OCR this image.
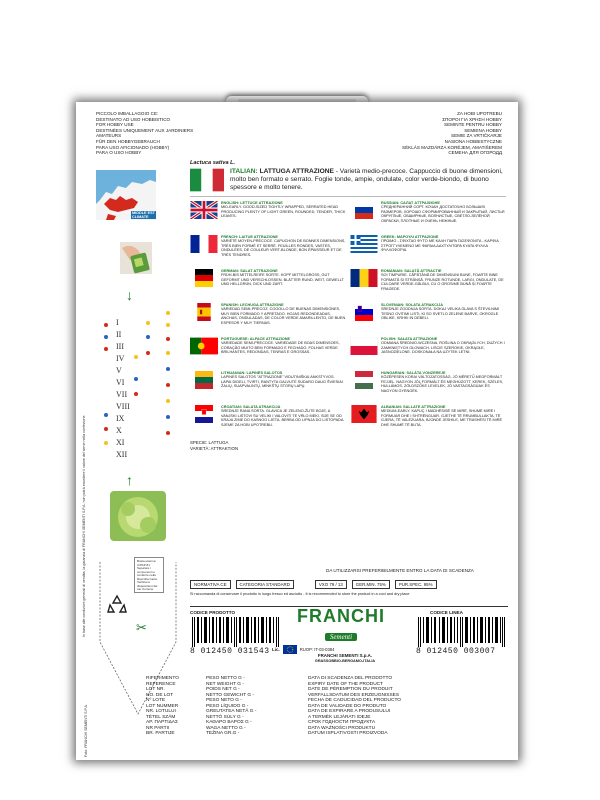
PICCOLO IMBALLAGGIO CE:
DESTINATO AD USO HOBBISTICO
FOR HOBBY USE
DESTINÉES UNIQUEMENT AUX JARDINIERS
AMATEURS
FÜR DEN HOBBYGEBRAUCH
PARA USO AFICIONADO (HOBBY)
PARA O USO HOBBY
ZA HOBI UPOTREBU
ΣΠΟΡΟΙ ΓΙΑ ΧΡΗΣΗ HOBBY
SEMINTE PENTRU HOBBY
SEMIENA HOBBY
SEMIE ZA VRTIČKARJE
NASIONA HOBBISTYCZNE
SÉKLÁS MAZDÁRZA KORĒJEM, AMATIŠEREM
СЕМЕНА ДЛЯ ОГОРОДД
MIDDLE EST CLIMATE
In base alle condizioni generali di vendita, la garanzia di FRANCHI SEMENTI S.P.A. non potrà eccedere il valore del seme nella confezione
Foto: FRANCHI SEMENTI S.P.A.
↓
I
II
III
IV
V
VI
VII
VIII
IX
X
XI
XII
↑
Busta esterna C/PAP 81 Separare i componenti e conferire nella Raccolta Carta. Verifica le disposizioni del tuo Comune
✂
Lactuca sativa L.
ITALIAN: LATTUGA ATTRAZIONE - Varietà medio-precoce. Cappuccio di buone dimensioni, molto ben formato e serrato. Foglie tonde, ampie, ondulate, color verde-biondo, di buono spessore e molto tenere.
ENGLISH: LETTUCE ATTRAZIONE
MID-EARLY. GOOD-SIZED TIGHTLY WRAPPED, SERRATED HEAD PRODUCING PLENTY OF LIGHT GREEN, ROUNDED, TENDER, THICK LEAVES.
RUSSIAN: САЛАТ АТТРАЗИОНЕ
СРЕДНЕРАННИЙ СОРТ. КОЧАН ДОСТАТОЧНО БОЛЬШИХ РАЗМЕРОВ, ХОРОШО СФОРМИРОВАННЫЙ И ЗАКРЫТЫЙ. ЛИСТЬЯ ОКРУГЛЫЕ, ОБШИРНЫЕ, ВОЛНИСТЫЕ, СВЕТЛО-ЗЕЛЁНОЙ ОКРАСКИ, ПЛОТНЫЕ И ОЧЕНЬ НЕЖНЫЕ.
FRENCH: LAITUE ATTRAZIONE
VARIÉTÉ MOYEN-PRÉCOCE. CAPUCHON DE BONNES DIMENSIONS, TRÈS BIEN FORMÉ ET SERRÉ. FEUILLES RONDES, VASTES, ONDULÉES, DE COULEUR VERT-BLONDE, BON ÉPAISSEUR ET DE TRÈS TENDRES.
GREEK: ΜΑΡΟΥΛΙ ΑΤΤΡΑΖΙΟΝΕ
ΠΡΩΙΜΟ - ΣΦΙΧΤΑΟ ΦΥΤΟ ΜΕ ΚΑΛΗ ΠΑΡΑ ΓΑΣΕΦΟΝΙΤΑ - ΚΑΡΦΙΑ ΣΤΡΟΓΓΥΛΕΜΕΝΟ ΜΕ ΦΑΡΔΙΑ ΔΑΧΤΥΛΙΤΩΡΑ ΚΥΑΤΑ ΦΥΛΛΑ ΦΥΛΛΟΦΟΡΙΑ.
GERMAN: SALAT ATTRAZIONE
FRÜH-BIS MITTELREIFE SORTE. KOPF MITTELGROSS, GUT GEFORMT UND VERSCHLOSSEN. BLÄTTER RUND, WEIT, GEWELLT UND HELLGRÜN, DICK UND ZART.
ROMANIAN: SALATĂ ATTRACTIE
SOI TIMPURIE. CĂPĂȚÂNĂ DE DIMENSIUNI BUNE, FOARTE BINE FORMATĂ ȘI STRÂNSĂ. FRUNZE ROTUNDE, LARGI, ONDULATE, DE CULOARE VERDE-GĂLBUI, CU O GROSIME BUNĂ ȘI FOARTE FRAGEDE.
SPANISH: LECHUGA ATTRAZIONE
VARIEDAD SEMI-PRECOZ. COGOLLO DE BUENAS DIMENSIONES, MUY BIEN FORMADO Y APRETADO. HOJAS REDONDEADAS, ANCHAS, ONDULADAS, DE COLOR VERDE AMARILLENTO, DE BUEN ESPESOR Y MUY TIERNAS.
SLOVENIAN: SOLATA ATRAKCIJA
SREDNJE ZGODNJA SORTA. DOKAJ VELIKA GLAVA S ŠTEVILNIMI TESNO OVITIMI LISTI, KI SO SVETLO ZELENE BARVE, OKROGLE OBLIKE, KRHKI IN DEBELI.
PORTUGUESE: ALFACE ATTRAZIONE
VARIEDADE SEMI-PRECOCE. VARIEDADE DE BOAS DIMENSOES, CORAÇÃO MUITO BEM FORMADO E FECHADO. FOLHAS VERDE BRILHANTES, REDONDAS, TENRAS E GROSSAS.
POLISH: SAŁATA ATTRAZIONE
ODMIANA ŚREDNIO-WCZESNA. ROŚLINA O OKRĄGŁYCH, DUŻYCH I ZAMKNIĘTYCH GŁOWACH. LIŚCIE SZEROKIE, OKRĄGŁE, JASNOZIELONE. DOSKONAŁA NA UŻYTEK LETNI.
LITHUANIAN: LAPINĖS SALOTOS
LAPINĖS SALOTOS "ATTRAZIONE" VIDUTINIŠKAI ANKSTYVOS. LAPAI DIDELI, TVIRTI, RANTYTA GALVUTĖ SUDARO DAUG ŠVIESIAI ŽALIŲ, SUAPVALINTŲ, MINKŠTŲ STORŲ LAPŲ.
HUNGARIAN: SALÁTA VONZEREJE
KÖZÉPESEN KORAI VÁLTOZATOSSÁG. JÓ MÉRETŰ MEGFORMÁLT FEJJEL. NAGYON JÓL FORMÁLT ÉS MEGHÚZOTT. KEREK, SZÉLES, HULLÁMOS, ZÖLDSZŐKE LEVELEK, JÓ VASTAGSÁGÚAK ÉS NAGYON GYENGÉK.
CROATIAN: SALATA ATRAKCIJA
SREDNJE RANA SORTA. GLAVICA JE ZELENO-ŽUTE BOJE, A VANJSKI LISTOVI SU VELIKI I VALOVITI TE VRLO MEKI. SIJE SE OD KRAJA ZIME DO KASNOG LJETA. BERBA OD LIPNJA DO LISTOPADA. SJEME ZA HOBI UPOTREBU.
ALBANIAN: SALLATE ATTRAZIONE
MEDIUM-EARLY. KAPUÇ I MADHËSISË SË MIRË, SHUMË MIRË I FORMUAR DHE I SHTRËNGUAR. GJETHE TË RRUMBULLAKTA, TË GJERA, TË VALËZUARA, BJONDE JESHILE, ME TRASHËSI TË MIRË DHE SHUMË TË BUTA.
SPECIE: LATTUGA
VARIETÀ: ATTRAKTION
DA UTILIZZARSI PREFERIBILMENTE ENTRO LA DATA DI SCADENZA
NORMATIVA CE	CATEGORIA STANDARD	VXO 79 / 13	GER.MIN. 75%	PUR.SPEC. 95%
Si raccomanda di conservare il prodotto in luogo fresco ed asciutto - It is recommended to store the product in a cool and dry place
CODICE PRODOTTO	CODICE LINEA
8 012450 031543
FRANCHI
Sementi
Lic.	RUOP: IT-03-0384
FRANCHI SEMENTI S.p.A.
GRASSOBBIO-BERGAMO-ITALIA
8 012450 003007
RIFERIMENTO
REFERENCE
LOT NR.
NO. DE LOT
Nº LOTE
LOT NUMMER
NR. LOTULUI
TÉTEL SZÁM
ΑΡ. ΠΑΡΤΙΔΑΣ
NR PARTII
BR. PARTIJE
PESO NETTO G -
NET WEIGHT G -
POIDS NET G -
NETTO GEWICHT G -
PESO NETO G -
PESO LÍQUIDO G -
GREUTATEA NETĂ G -
NETTÓ SÚLY G -
ΚΑΘΑΡΟ ΒΑΡΟΣ G -
WAGA NETTO G -
TEŽINA GR.G -
DATA DI SCADENZA DEL PRODOTTO
EXPIRY DATE OF THE PRODUCT
DATE DE PÉREMPTION DU PRODUIT
VERFALLSDATUM DES ERZEUGNISSES
FECHA DE CADUCIDAD DEL PRODUCTO
DATA DE VALIDADE DO PRODUTO
DATA DE EXPIRARE A PRODUSULUI
A TERMÉK LEJÁRATI IDEJE
СРОК ГОДНОСТИ ПРОДУКТА
DATA WAŻNOŚCI PRODUKTU
DATUM ISPLATIVOSTI PROIZVODA
